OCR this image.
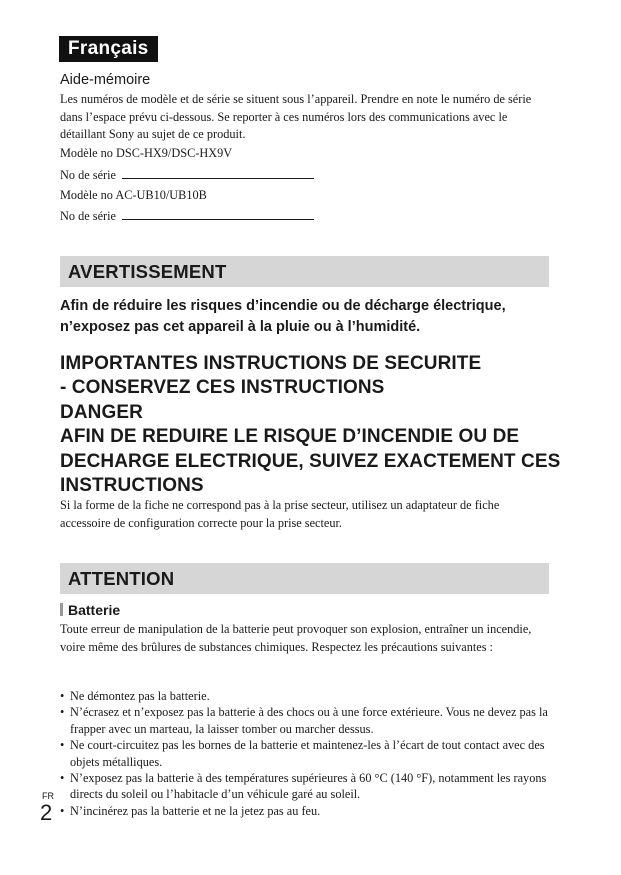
Français
Aide-mémoire
Les numéros de modèle et de série se situent sous l’appareil. Prendre en note le numéro de série dans l’espace prévu ci-dessous. Se reporter à ces numéros lors des communications avec le détaillant Sony au sujet de ce produit.
Modèle no DSC-HX9/DSC-HX9V
No de série
Modèle no AC-UB10/UB10B
No de série
AVERTISSEMENT
Afin de réduire les risques d’incendie ou de décharge électrique,
n’exposez pas cet appareil à la pluie ou à l’humidité.
IMPORTANTES INSTRUCTIONS DE SECURITE
- CONSERVEZ CES INSTRUCTIONS
DANGER
AFIN DE REDUIRE LE RISQUE D’INCENDIE OU DE
DECHARGE ELECTRIQUE, SUIVEZ EXACTEMENT CES
INSTRUCTIONS
Si la forme de la fiche ne correspond pas à la prise secteur, utilisez un adaptateur de fiche accessoire de configuration correcte pour la prise secteur.
ATTENTION
Batterie
Toute erreur de manipulation de la batterie peut provoquer son explosion, entraîner un incendie, voire même des brûlures de substances chimiques. Respectez les précautions suivantes :
• Ne démontez pas la batterie.
• N’écrasez et n’exposez pas la batterie à des chocs ou à une force extérieure. Vous ne devez pas la frapper avec un marteau, la laisser tomber ou marcher dessus.
• Ne court-circuitez pas les bornes de la batterie et maintenez-les à l’écart de tout contact avec des objets métalliques.
• N’exposez pas la batterie à des températures supérieures à 60 °C (140 °F), notamment les rayons directs du soleil ou l’habitacle d’un véhicule garé au soleil.
• N’incinérez pas la batterie et ne la jetez pas au feu.
FR
2
